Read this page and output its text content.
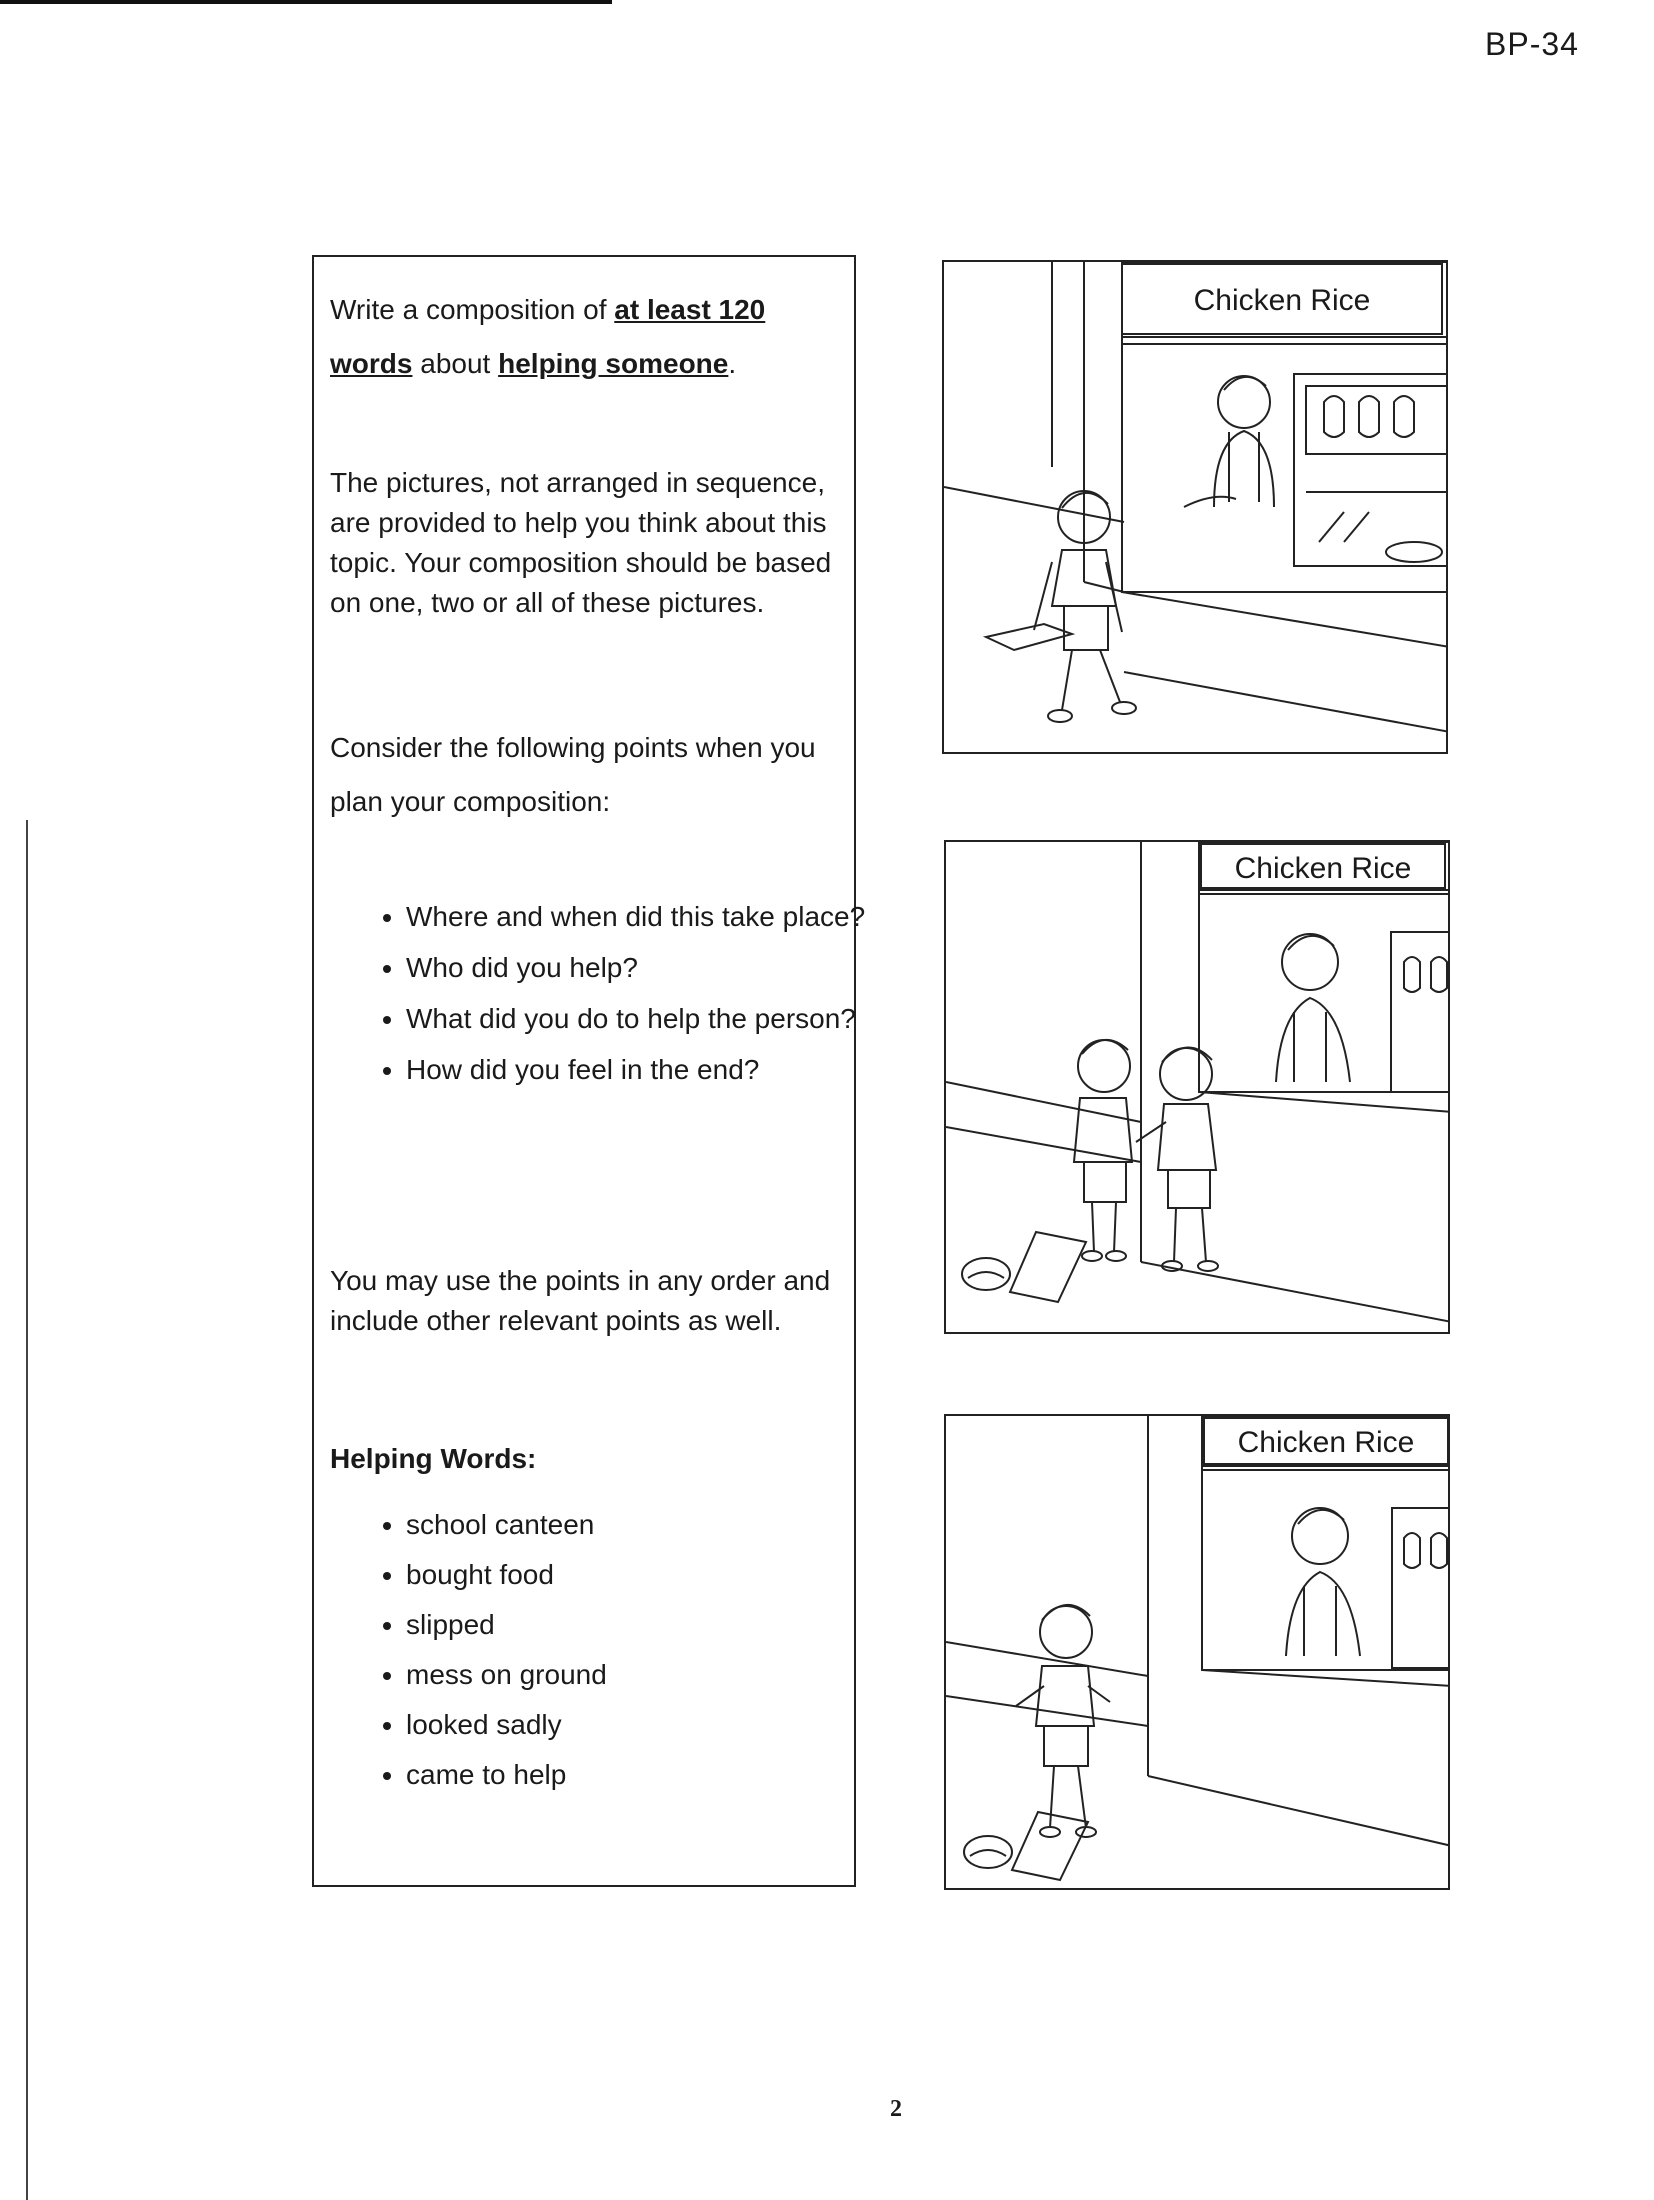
BP-34

Write a composition of at least 120 words about helping someone.

The pictures, not arranged in sequence, are provided to help you think about this topic. Your composition should be based on one, two or all of these pictures.

Consider the following points when you plan your composition:

• Where and when did this take place?
• Who did you help?
• What did you do to help the person?
• How did you feel in the end?

You may use the points in any order and include other relevant points as well.

Helping Words:

• school canteen
• bought food
• slipped
• mess on ground
• looked sadly
• came to help
Chicken Rice
Chicken Rice
Chicken Rice
2
